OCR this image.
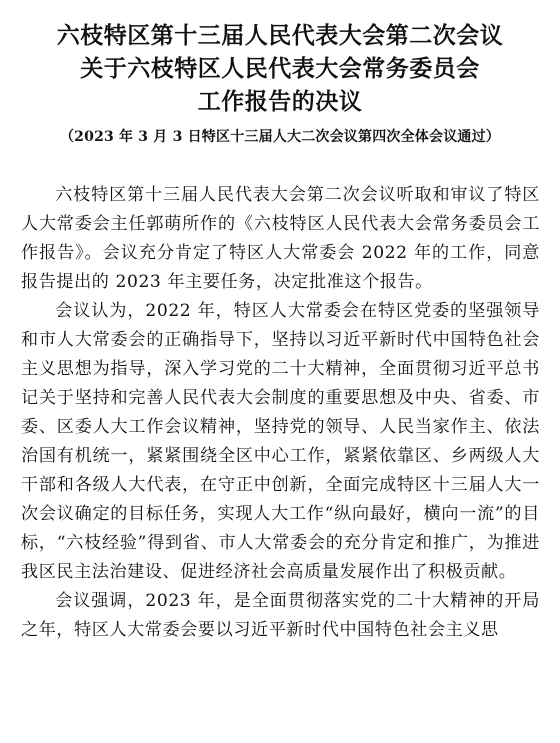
六枝特区第十三届人民代表大会第二次会议
关于六枝特区人民代表大会常务委员会
工作报告的决议
（2023 年 3 月 3 日特区十三届人大二次会议第四次全体会议通过）

六枝特区第十三届人民代表大会第二次会议听取和审议了特区人大常委会主任郭萌所作的《六枝特区人民代表大会常务委员会工作报告》。会议充分肯定了特区人大常委会 2022 年的工作，同意报告提出的 2023 年主要任务，决定批准这个报告。

会议认为，2022 年，特区人大常委会在特区党委的坚强领导和市人大常委会的正确指导下，坚持以习近平新时代中国特色社会主义思想为指导，深入学习党的二十大精神，全面贯彻习近平总书记关于坚持和完善人民代表大会制度的重要思想及中央、省委、市委、区委人大工作会议精神，坚持党的领导、人民当家作主、依法治国有机统一，紧紧围绕全区中心工作，紧紧依靠区、乡两级人大干部和各级人大代表，在守正中创新，全面完成特区十三届人大一次会议确定的目标任务，实现人大工作“纵向最好，横向一流”的目标，“六枝经验”得到省、市人大常委会的充分肯定和推广，为推进我区民主法治建设、促进经济社会高质量发展作出了积极贡献。

会议强调，2023 年，是全面贯彻落实党的二十大精神的开局之年，特区人大常委会要以习近平新时代中国特色社会主义思
